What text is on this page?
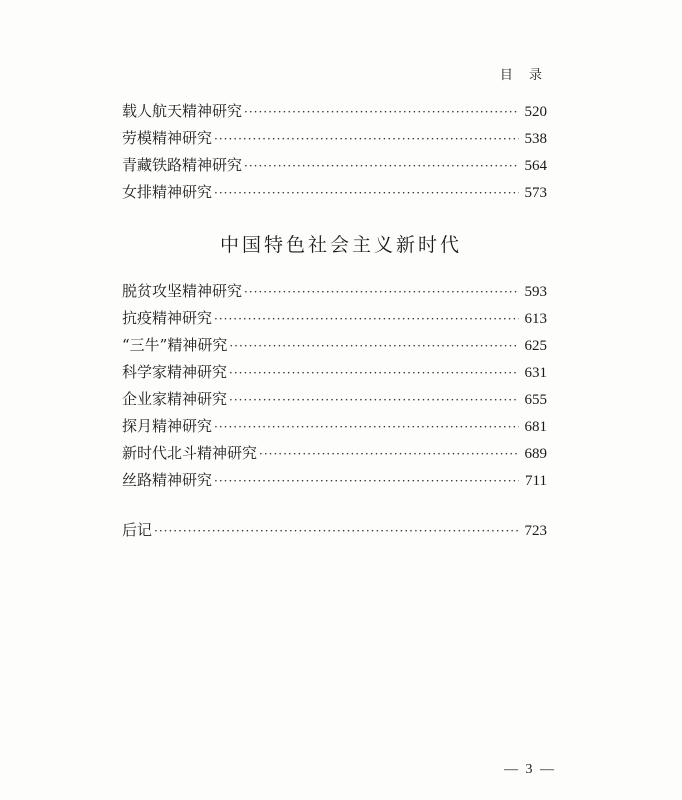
目 录
载人航天精神研究 ·····	520
劳模精神研究 ·····	538
青藏铁路精神研究 ·····	564
女排精神研究 ·····	573
中国特色社会主义新时代
脱贫攻坚精神研究 ·····	593
抗疫精神研究 ·····	613
“三牛”精神研究 ·····	625
科学家精神研究 ·····	631
企业家精神研究 ·····	655
探月精神研究 ·····	681
新时代北斗精神研究 ·····	689
丝路精神研究 ·····	711
后记 ·····	723
— 3 —
